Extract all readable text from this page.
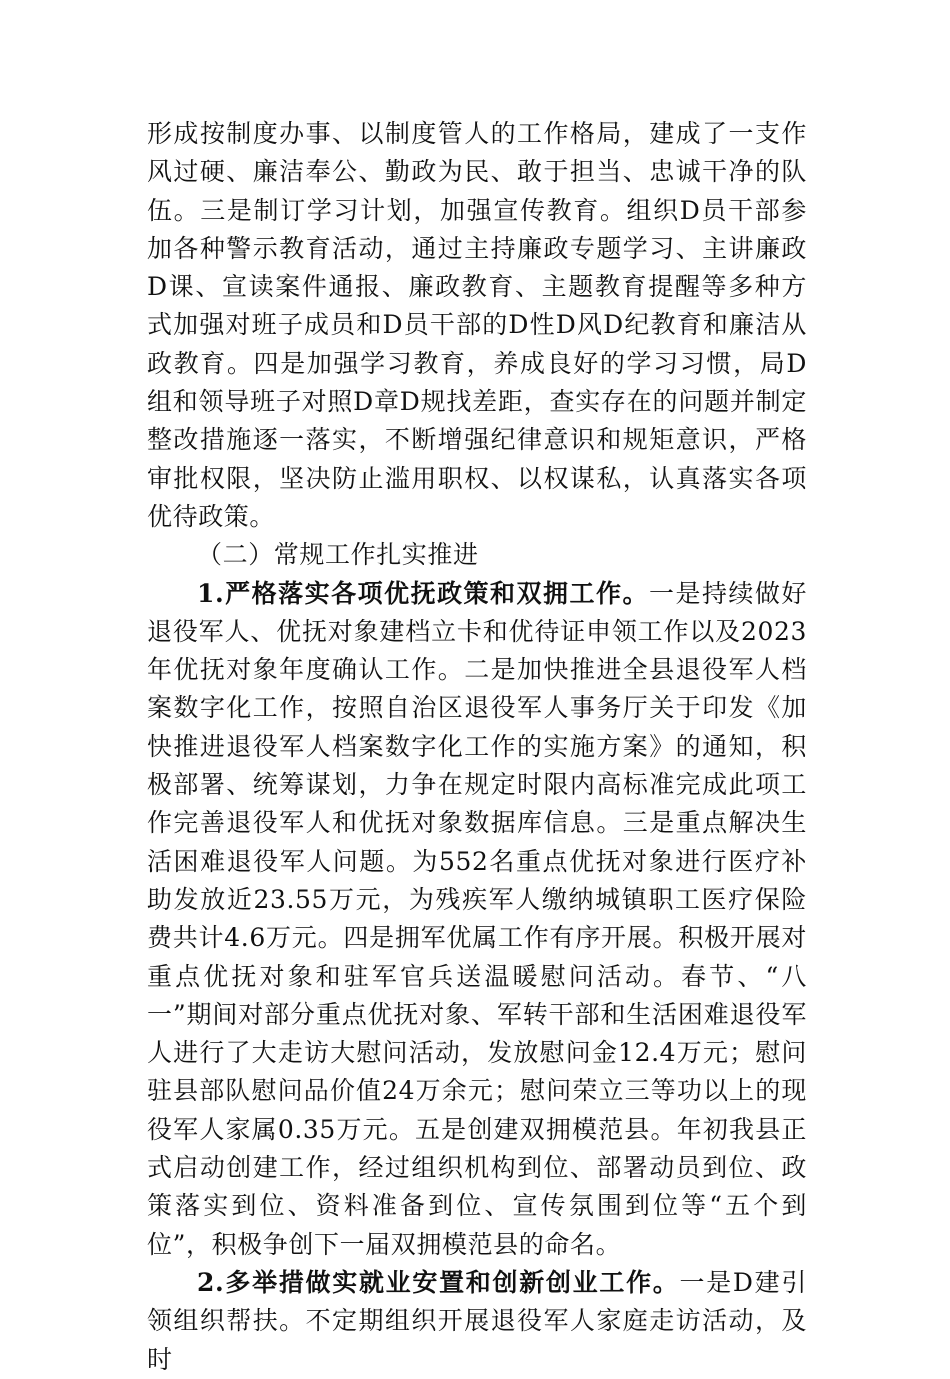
形成按制度办事、以制度管人的工作格局，建成了一支作风过硬、廉洁奉公、勤政为民、敢于担当、忠诚干净的队伍。三是制订学习计划，加强宣传教育。组织D员干部参加各种警示教育活动，通过主持廉政专题学习、主讲廉政D课、宣读案件通报、廉政教育、主题教育提醒等多种方式加强对班子成员和D员干部的D性D风D纪教育和廉洁从政教育。四是加强学习教育，养成良好的学习习惯，局D组和领导班子对照D章D规找差距，查实存在的问题并制定整改措施逐一落实，不断增强纪律意识和规矩意识，严格审批权限，坚决防止滥用职权、以权谋私，认真落实各项优待政策。

（二）常规工作扎实推进

1.严格落实各项优抚政策和双拥工作。一是持续做好退役军人、优抚对象建档立卡和优待证申领工作以及2023年优抚对象年度确认工作。二是加快推进全县退役军人档案数字化工作，按照自治区退役军人事务厅关于印发《加快推进退役军人档案数字化工作的实施方案》的通知，积极部署、统筹谋划，力争在规定时限内高标准完成此项工作完善退役军人和优抚对象数据库信息。三是重点解决生活困难退役军人问题。为552名重点优抚对象进行医疗补助发放近23.55万元，为残疾军人缴纳城镇职工医疗保险费共计4.6万元。四是拥军优属工作有序开展。积极开展对重点优抚对象和驻军官兵送温暖慰问活动。春节、“八一”期间对部分重点优抚对象、军转干部和生活困难退役军人进行了大走访大慰问活动，发放慰问金12.4万元；慰问驻县部队慰问品价值24万余元；慰问荣立三等功以上的现役军人家属0.35万元。五是创建双拥模范县。年初我县正式启动创建工作，经过组织机构到位、部署动员到位、政策落实到位、资料准备到位、宣传氛围到位等“五个到位”，积极争创下一届双拥模范县的命名。

2.多举措做实就业安置和创新创业工作。一是D建引领组织帮扶。不定期组织开展退役军人家庭走访活动，及时
